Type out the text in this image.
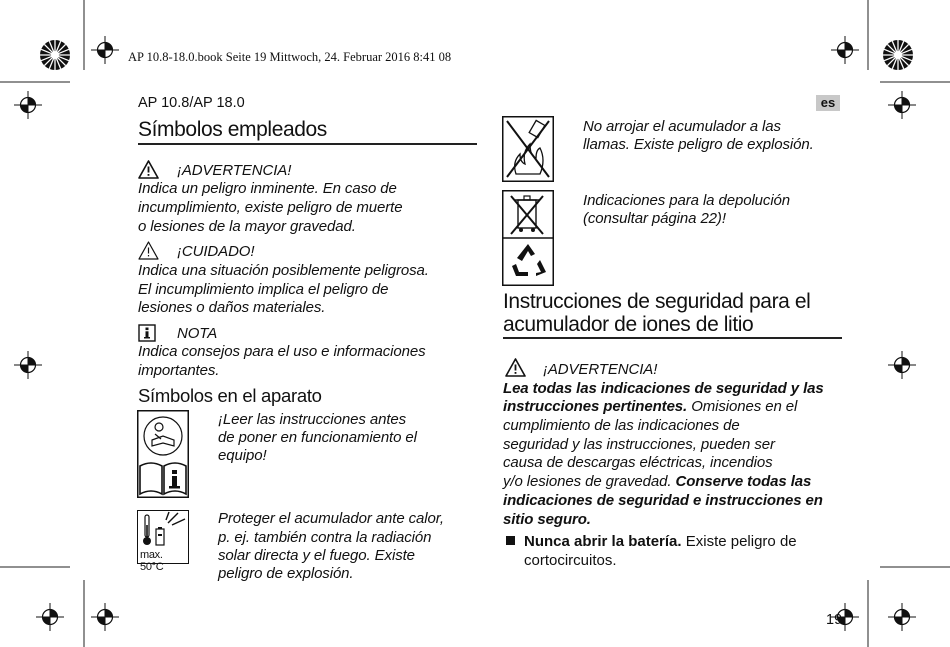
AP 10.8-18.0.book Seite 19 Mittwoch, 24. Februar 2016 8:41 08
AP 10.8/AP 18.0	es
Símbolos empleados
¡ADVERTENCIA!
Indica un peligro inminente. En caso de
incumplimiento, existe peligro de muerte
o lesiones de la mayor gravedad.
¡CUIDADO!
Indica una situación posiblemente peligrosa.
El incumplimiento implica el peligro de
lesiones o daños materiales.
NOTA
Indica consejos para el uso e informaciones
importantes.
Símbolos en el aparato
¡Leer las instrucciones antes
de poner en funcionamiento el
equipo!
max. 50°C
Proteger el acumulador ante calor,
p. ej. también contra la radiación
solar directa y el fuego. Existe
peligro de explosión.
No arrojar el acumulador a las
llamas. Existe peligro de explosión.
Indicaciones para la depolución
(consultar página 22)!
Instrucciones de seguridad para el
acumulador de iones de litio
¡ADVERTENCIA!
Lea todas las indicaciones de seguridad y las
instrucciones pertinentes. Omisiones en el
cumplimiento de las indicaciones de
seguridad y las instrucciones, pueden ser
causa de descargas eléctricas, incendios
y/o lesiones de gravedad. Conserve todas las
indicaciones de seguridad e instrucciones en
sitio seguro.
Nunca abrir la batería. Existe peligro de
cortocircuitos.
19
